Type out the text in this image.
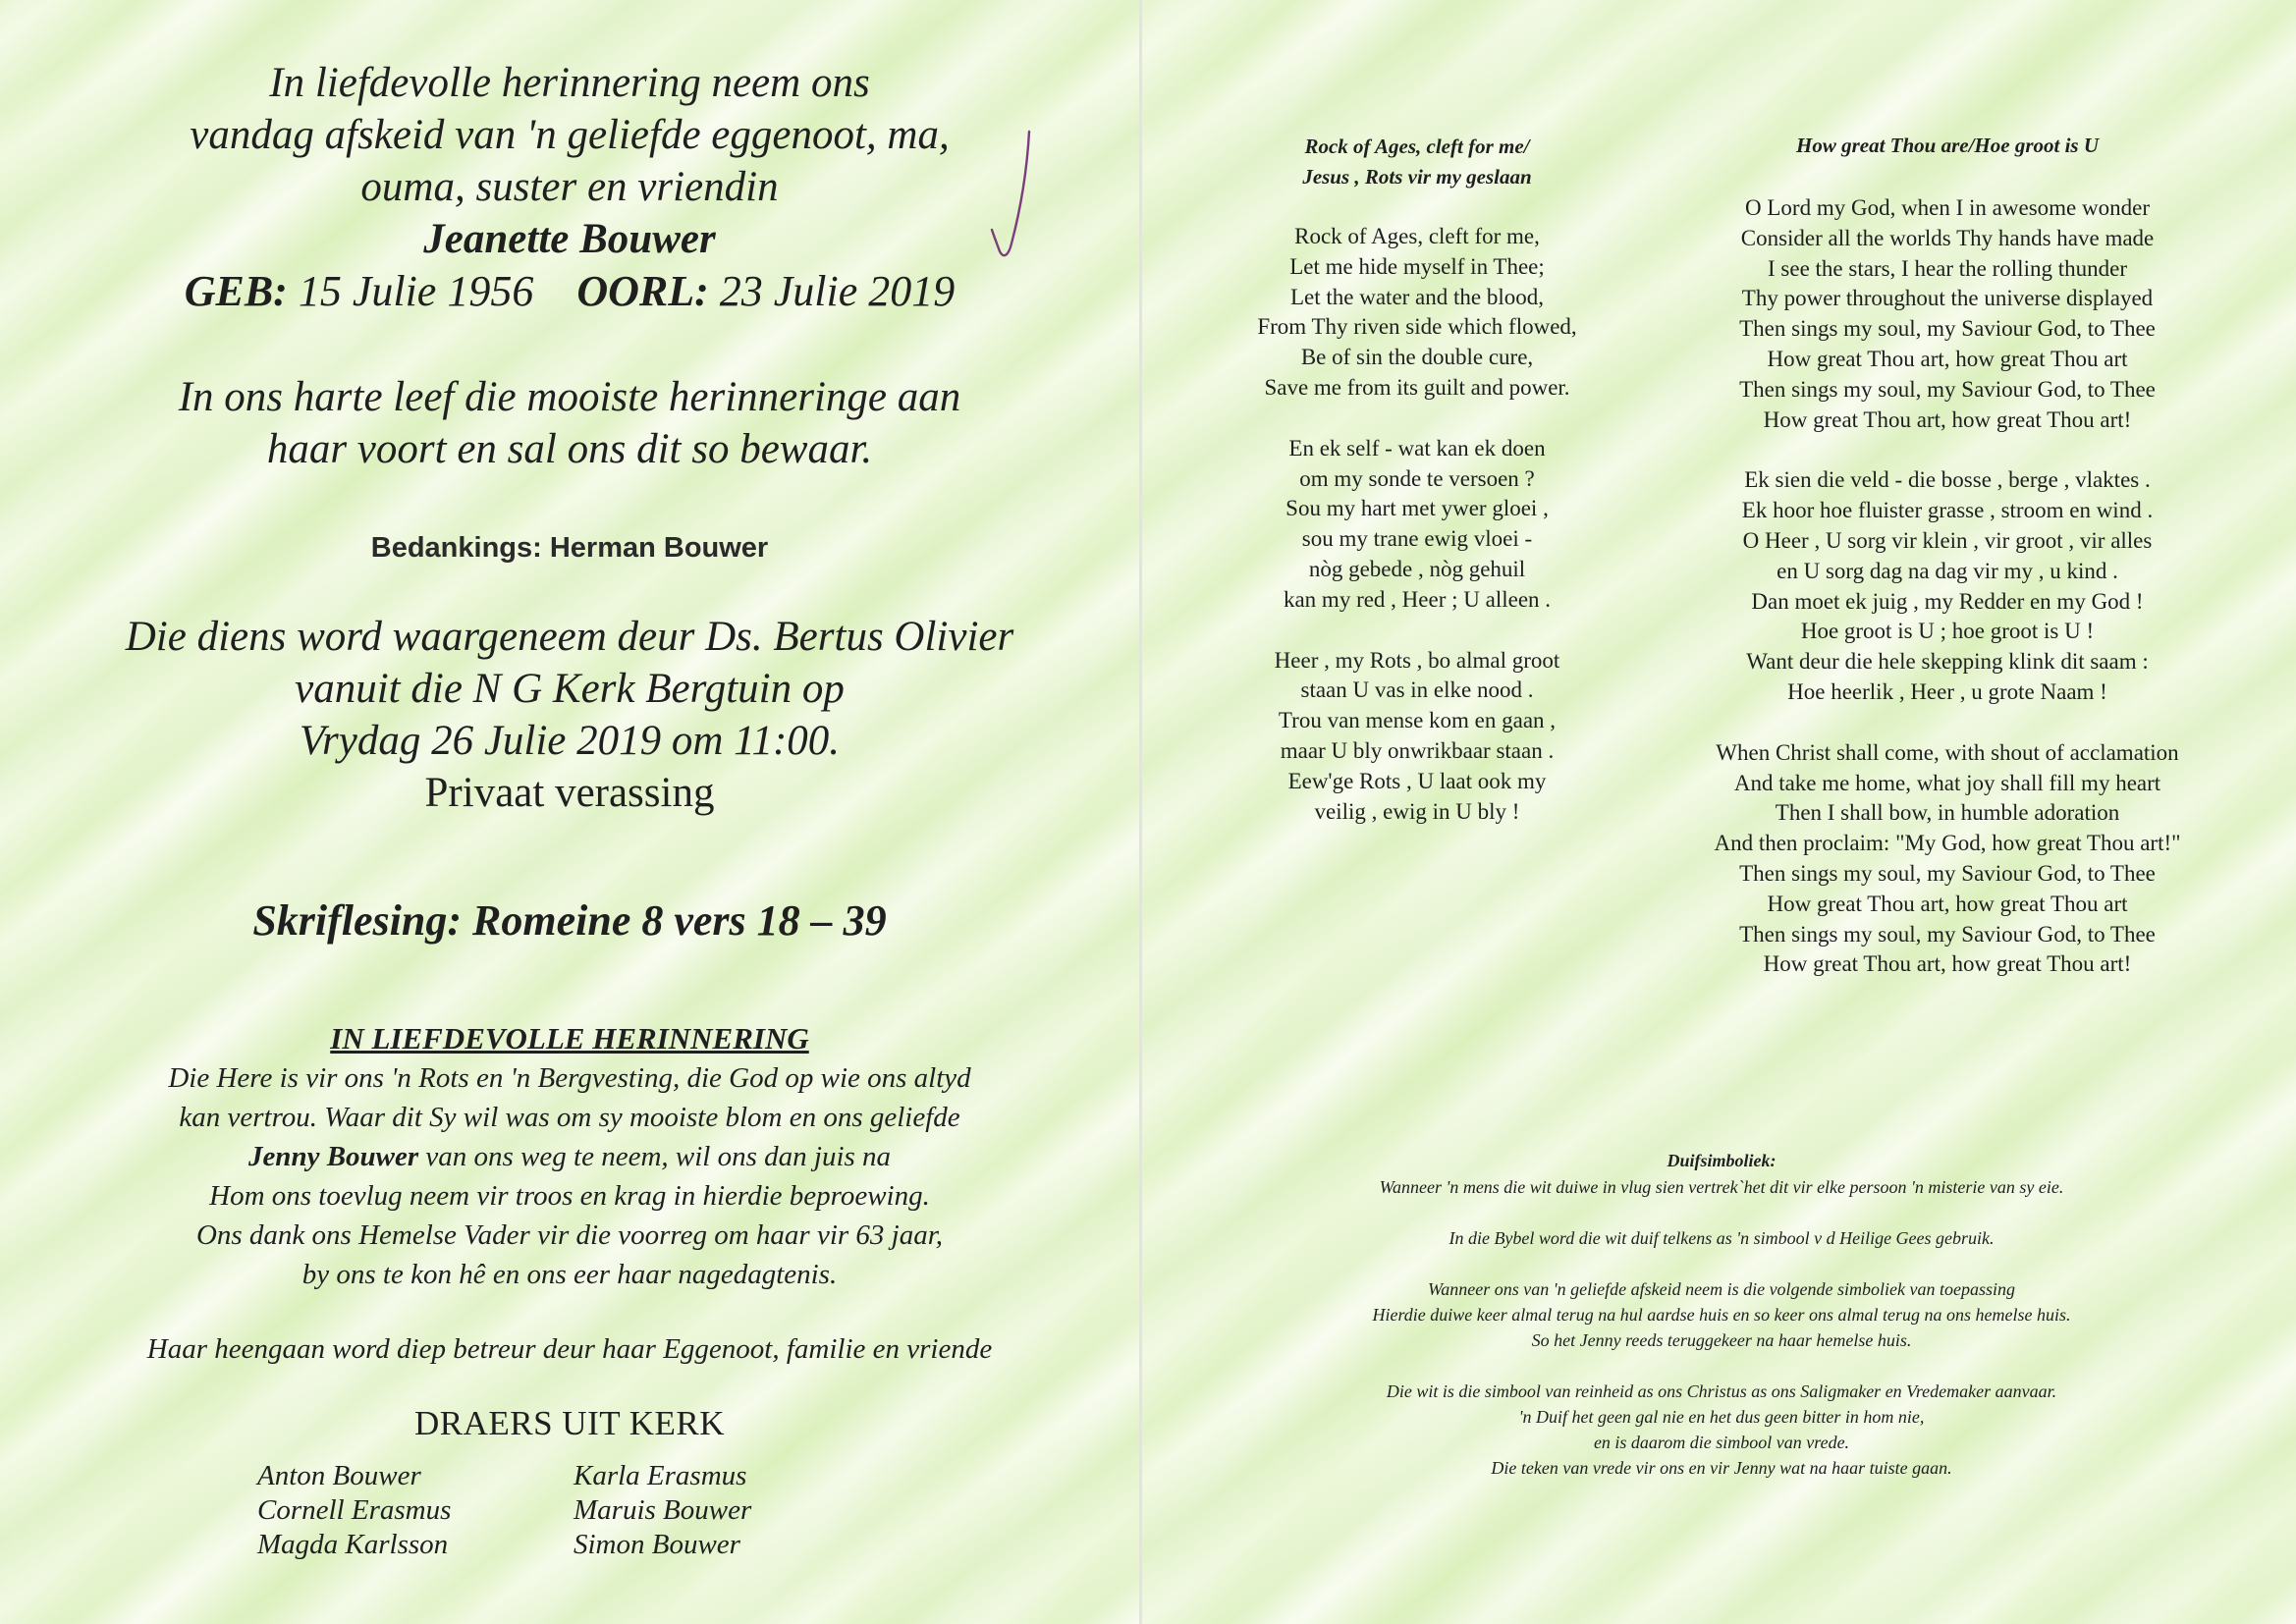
In liefdevolle herinnering neem ons
vandag afskeid van 'n geliefde eggenoot, ma,
ouma, suster en vriendin
Jeanette Bouwer
GEB: 15 Julie 1956 OORL: 23 Julie 2019
In ons harte leef die mooiste herinneringe aan
haar voort en sal ons dit so bewaar.
Bedankings: Herman Bouwer
Die diens word waargeneem deur Ds. Bertus Olivier
vanuit die N G Kerk Bergtuin op
Vrydag 26 Julie 2019 om 11:00.
Privaat verassing
Skriflesing: Romeine 8 vers 18 – 39
IN LIEFDEVOLLE HERINNERING
Die Here is vir ons 'n Rots en 'n Bergvesting, die God op wie ons altyd
kan vertrou. Waar dit Sy wil was om sy mooiste blom en ons geliefde
Jenny Bouwer van ons weg te neem, wil ons dan juis na
Hom ons toevlug neem vir troos en krag in hierdie beproewing.
Ons dank ons Hemelse Vader vir die voorreg om haar vir 63 jaar,
by ons te kon hê en ons eer haar nagedagtenis.
Haar heengaan word diep betreur deur haar Eggenoot, familie en vriende
DRAERS UIT KERK
Anton Bouwer
Cornell Erasmus
Magda Karlsson
Karla Erasmus
Maruis Bouwer
Simon Bouwer
Rock of Ages, cleft for me/
Jesus , Rots vir my geslaan
Rock of Ages, cleft for me,
Let me hide myself in Thee;
Let the water and the blood,
From Thy riven side which flowed,
Be of sin the double cure,
Save me from its guilt and power.
En ek self - wat kan ek doen
om my sonde te versoen ?
Sou my hart met ywer gloei ,
sou my trane ewig vloei -
nòg gebede , nòg gehuil
kan my red , Heer ; U alleen .
Heer , my Rots , bo almal groot
staan U vas in elke nood .
Trou van mense kom en gaan ,
maar U bly onwrikbaar staan .
Eew'ge Rots , U laat ook my
veilig , ewig in U bly !
How great Thou are/Hoe groot is U
O Lord my God, when I in awesome wonder
Consider all the worlds Thy hands have made
I see the stars, I hear the rolling thunder
Thy power throughout the universe displayed
Then sings my soul, my Saviour God, to Thee
How great Thou art, how great Thou art
Then sings my soul, my Saviour God, to Thee
How great Thou art, how great Thou art!
Ek sien die veld - die bosse , berge , vlaktes .
Ek hoor hoe fluister grasse , stroom en wind .
O Heer , U sorg vir klein , vir groot , vir alles
en U sorg dag na dag vir my , u kind .
Dan moet ek juig , my Redder en my God !
Hoe groot is U ; hoe groot is U !
Want deur die hele skepping klink dit saam :
Hoe heerlik , Heer , u grote Naam !
When Christ shall come, with shout of acclamation
And take me home, what joy shall fill my heart
Then I shall bow, in humble adoration
And then proclaim: "My God, how great Thou art!"
Then sings my soul, my Saviour God, to Thee
How great Thou art, how great Thou art
Then sings my soul, my Saviour God, to Thee
How great Thou art, how great Thou art!
Duifsimboliek:
Wanneer 'n mens die wit duiwe in vlug sien vertrek`het dit vir elke persoon 'n misterie van sy eie.
In die Bybel word die wit duif telkens as 'n simbool v d Heilige Gees gebruik.
Wanneer ons van 'n geliefde afskeid neem is die volgende simboliek van toepassing
Hierdie duiwe keer almal terug na hul aardse huis en so keer ons almal terug na ons hemelse huis.
So het Jenny reeds teruggekeer na haar hemelse huis.
Die wit is die simbool van reinheid as ons Christus as ons Saligmaker en Vredemaker aanvaar.
'n Duif het geen gal nie en het dus geen bitter in hom nie,
en is daarom die simbool van vrede.
Die teken van vrede vir ons en vir Jenny wat na haar tuiste gaan.
